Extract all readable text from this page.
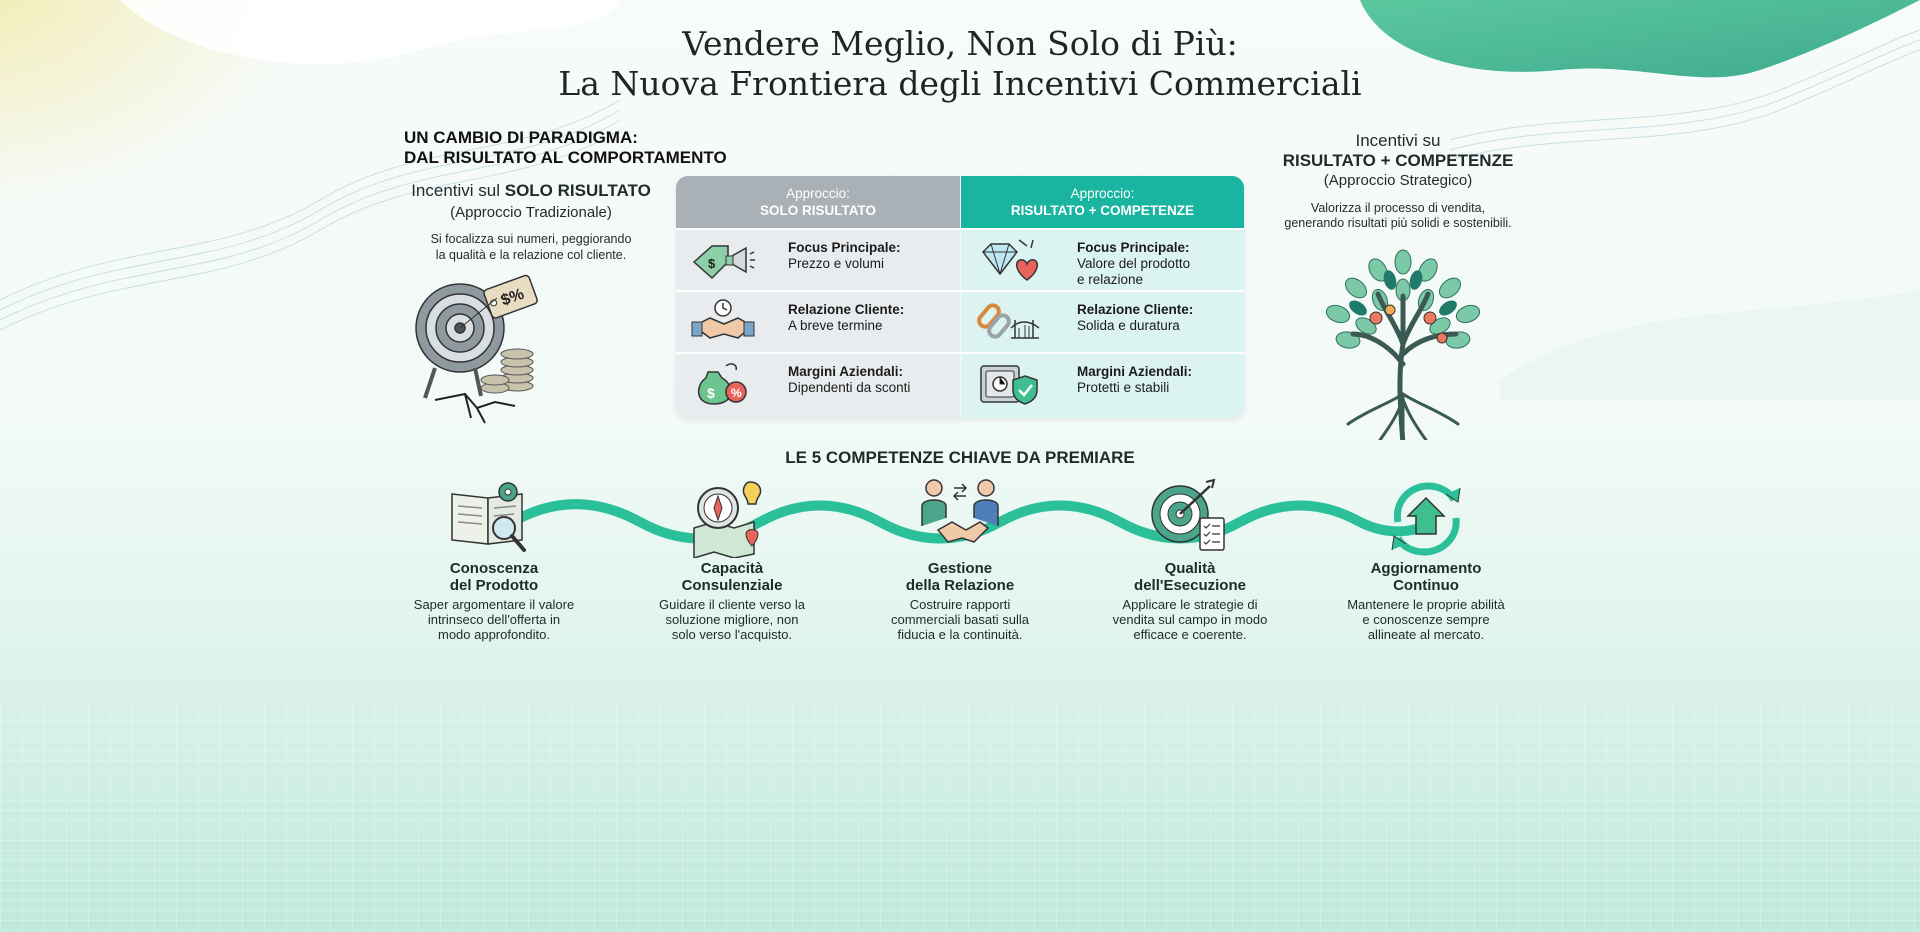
Vendere Meglio, Non Solo di Più:
La Nuova Frontiera degli Incentivi Commerciali
UN CAMBIO DI PARADIGMA:
DAL RISULTATO AL COMPORTAMENTO
Incentivi sul SOLO RISULTATO
(Approccio Tradizionale)
Si focalizza sui numeri, peggiorando
la qualità e la relazione col cliente.
$%
Approccio:
SOLO RISULTATO
$
Focus Principale:
Prezzo e volumi
Relazione Cliente:
A breve termine
$ %
Margini Aziendali:
Dipendenti da sconti
Approccio:
RISULTATO + COMPETENZE
Focus Principale:
Valore del prodotto
e relazione
Relazione Cliente:
Solida e duratura
Margini Aziendali:
Protetti e stabili
Incentivi su
RISULTATO + COMPETENZE
(Approccio Strategico)
Valorizza il processo di vendita,
generando risultati più solidi e sostenibili.
LE 5 COMPETENZE CHIAVE DA PREMIARE
Conoscenza
del Prodotto
Saper argomentare il valore
intrinseco dell'offerta in
modo approfondito.
Capacità
Consulenziale
Guidare il cliente verso la
soluzione migliore, non
solo verso l'acquisto.
Gestione
della Relazione
Costruire rapporti
commerciali basati sulla
fiducia e la continuità.
Qualità
dell'Esecuzione
Applicare le strategie di
vendita sul campo in modo
efficace e coerente.
Aggiornamento
Continuo
Mantenere le proprie abilità
e conoscenze sempre
allineate al mercato.
